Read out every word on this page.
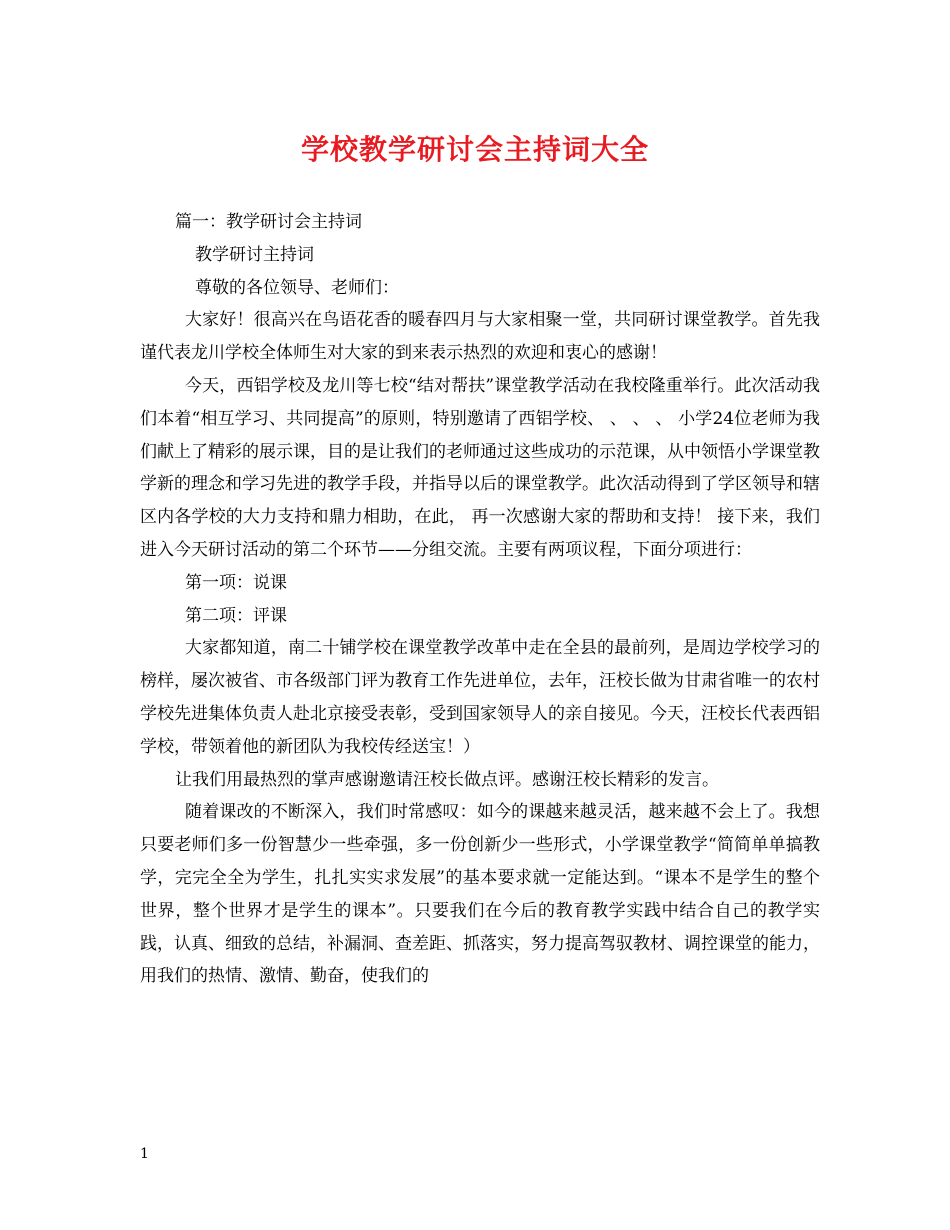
学校教学研讨会主持词大全

篇一：教学研讨会主持词

教学研讨主持词

尊敬的各位领导、老师们：

大家好！很高兴在鸟语花香的暖春四月与大家相聚一堂，共同研讨课堂教学。首先我谨代表龙川学校全体师生对大家的到来表示热烈的欢迎和衷心的感谢！

今天，西铝学校及龙川等七校“结对帮扶”课堂教学活动在我校隆重举行。此次活动我们本着“相互学习、共同提高”的原则，特别邀请了西铝学校、 、 、 、 小学24位老师为我们献上了精彩的展示课，目的是让我们的老师通过这些成功的示范课，从中领悟小学课堂教学新的理念和学习先进的教学手段，并指导以后的课堂教学。此次活动得到了学区领导和辖区内各学校的大力支持和鼎力相助，在此， 再一次感谢大家的帮助和支持！ 接下来，我们进入今天研讨活动的第二个环节——分组交流。主要有两项议程，下面分项进行：

第一项：说课

第二项：评课

大家都知道，南二十铺学校在课堂教学改革中走在全县的最前列，是周边学校学习的榜样，屡次被省、市各级部门评为教育工作先进单位，去年，汪校长做为甘肃省唯一的农村学校先进集体负责人赴北京接受表彰，受到国家领导人的亲自接见。今天，汪校长代表西铝学校，带领着他的新团队为我校传经送宝！）

让我们用最热烈的掌声感谢邀请汪校长做点评。感谢汪校长精彩的发言。

随着课改的不断深入，我们时常感叹：如今的课越来越灵活，越来越不会上了。我想只要老师们多一份智慧少一些牵强，多一份创新少一些形式，小学课堂教学“简简单单搞教学，完完全全为学生，扎扎实实求发展”的基本要求就一定能达到。“课本不是学生的整个世界，整个世界才是学生的课本”。只要我们在今后的教育教学实践中结合自己的教学实践，认真、细致的总结，补漏洞、查差距、抓落实，努力提高驾驭教材、调控课堂的能力，用我们的热情、激情、勤奋，使我们的

1
